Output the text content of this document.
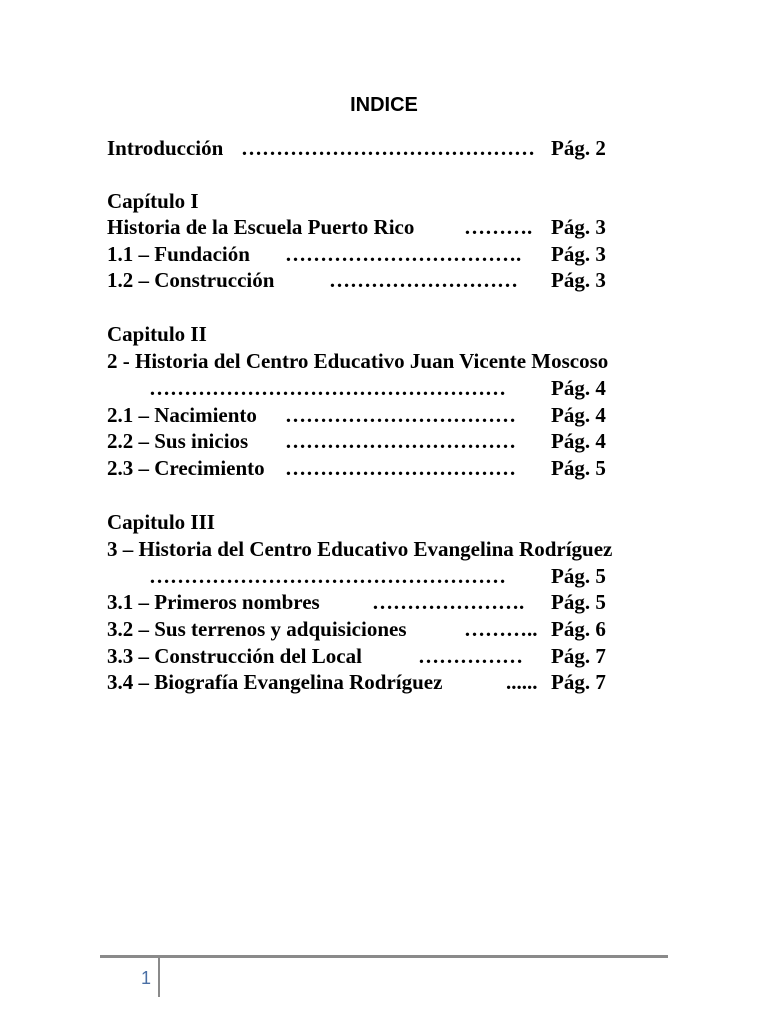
INDICE
Introducción …………………………………… Pág. 2
Capítulo I
Historia de la Escuela Puerto Rico ………. Pág. 3
1.1 – Fundación ……………………………. Pág. 3
1.2 – Construcción	……………………… Pág. 3
Capitulo II
2 - Historia del Centro Educativo Juan Vicente Moscoso
…………………………………………… Pág. 4
2.1 – Nacimiento …………………………… Pág. 4
2.2 – Sus inicios …………………………… Pág. 4
2.3 – Crecimiento …………………………… Pág. 5
Capitulo III
3 – Historia del Centro Educativo Evangelina Rodríguez
…………………………………………… Pág. 5
3.1 – Primeros nombres …………………. Pág. 5
3.2 – Sus terrenos y adquisiciones	……….. Pág. 6
3.3 – Construcción del Local	…………… Pág. 7
3.4 – Biografía Evangelina Rodríguez	...... Pág. 7
1
